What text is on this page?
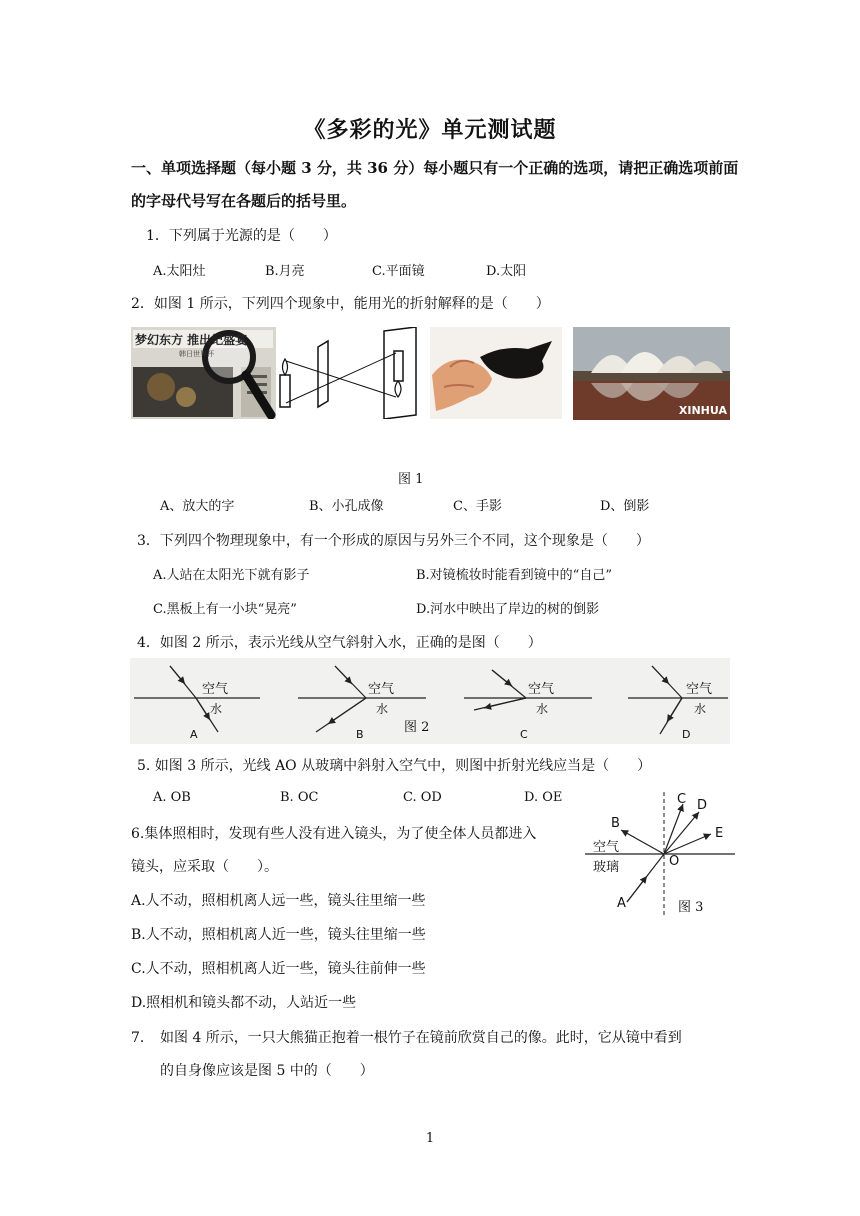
《多彩的光》单元测试题
一、单项选择题（每小题 3 分，共 36 分）每小题只有一个正确的选项，请把正确选项前面
的字母代号写在各题后的括号里。
1．下列属于光源的是（　　）
A.太阳灶	B.月亮	C.平面镜	D.太阳
2．如图 1 所示，下列四个现象中，能用光的折射解释的是（　　）
梦幻东方 推出纪盛宴
韩日世界杯
XINHUA
图 1
A、放大的字	B、小孔成像	C、手影	D、倒影
3．下列四个物理现象中，有一个形成的原因与另外三个不同，这个现象是（　　）
A.人站在太阳光下就有影子	B.对镜梳妆时能看到镜中的“自己”
C.黑板上有一小块“晃亮”	D.河水中映出了岸边的树的倒影
4．如图 2 所示，表示光线从空气斜射入水，正确的是图（　　）
空气
水
空气
水
空气
水
空气
水
图 2
A	B	C	D
5. 如图 3 所示，光线 AO 从玻璃中斜射入空气中，则图中折射光线应当是（　　）
A. OB	B. OC	C. OD	D. OE
B
C D
E
O
A
空气
玻璃
图 3
6.集体照相时，发现有些人没有进入镜头，为了使全体人员都进入
镜头，应采取（　　）。
A.人不动，照相机离人远一些，镜头往里缩一些
B.人不动，照相机离人近一些，镜头往里缩一些
C.人不动，照相机离人近一些，镜头往前伸一些
D.照相机和镜头都不动，人站近一些
7． 如图 4 所示，一只大熊猫正抱着一根竹子在镜前欣赏自己的像。此时，它从镜中看到
的自身像应该是图 5 中的（　　）
1
